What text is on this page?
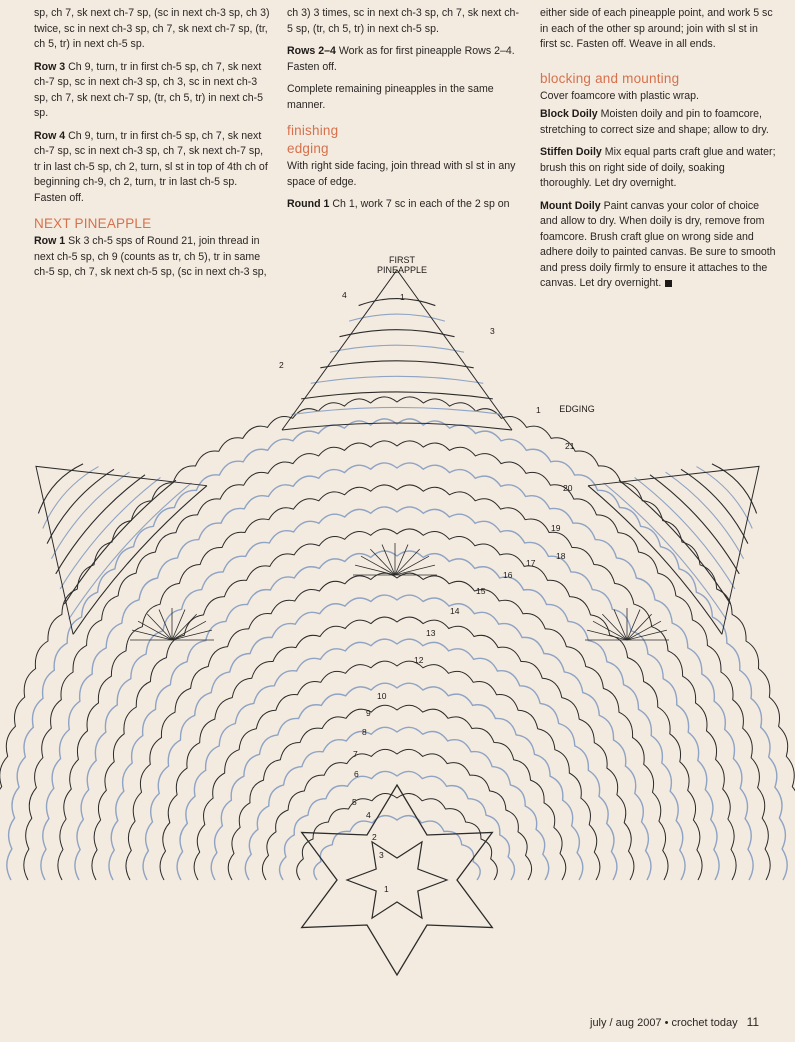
sp, ch 7, sk next ch-7 sp, (sc in next ch-3 sp, ch 3) twice, sc in next ch-3 sp, ch 7, sk next ch-7 sp, (tr, ch 5, tr) in next ch-5 sp.

Row 3 Ch 9, turn, tr in first ch-5 sp, ch 7, sk next ch-7 sp, sc in next ch-3 sp, ch 3, sc in next ch-3 sp, ch 7, sk next ch-7 sp, (tr, ch 5, tr) in next ch-5 sp.

Row 4 Ch 9, turn, tr in first ch-5 sp, ch 7, sk next ch-7 sp, sc in next ch-3 sp, ch 7, sk next ch-7 sp, tr in last ch-5 sp, ch 2, turn, sl st in top of 4th ch of beginning ch-9, ch 2, turn, tr in last ch-5 sp. Fasten off.

NEXT PINEAPPLE

Row 1 Sk 3 ch-5 sps of Round 21, join thread in next ch-5 sp, ch 9 (counts as tr, ch 5), tr in same ch-5 sp, ch 7, sk next ch-5 sp, (sc in next ch-3 sp,

ch 3) 3 times, sc in next ch-3 sp, ch 7, sk next ch-5 sp, (tr, ch 5, tr) in next ch-5 sp.

Rows 2–4 Work as for first pineapple Rows 2–4. Fasten off.

Complete remaining pineapples in the same manner.

finishing
edging

With right side facing, join thread with sl st in any space of edge.

Round 1 Ch 1, work 7 sc in each of the 2 sp on

either side of each pineapple point, and work 5 sc in each of the other sp around; join with sl st in first sc. Fasten off. Weave in all ends.

blocking and mounting

Cover foamcore with plastic wrap.

Block Doily Moisten doily and pin to foamcore, stretching to correct size and shape; allow to dry.

Stiffen Doily Mix equal parts craft glue and water; brush this on right side of doily, soaking thoroughly. Let dry overnight.

Mount Doily Paint canvas your color of choice and allow to dry. When doily is dry, remove from foamcore. Brush craft glue on wrong side and adhere doily to painted canvas. Be sure to smooth and press doily firmly to ensure it attaches to the canvas. Let dry overnight.

1
2
3
4
5
6
7
8
9
10
12
13
14
15
16
17
18
19
20
21
1
2
3
4
1
FIRST
PINEAPPLE
EDGING
july / aug 2007 • crochet today 11
